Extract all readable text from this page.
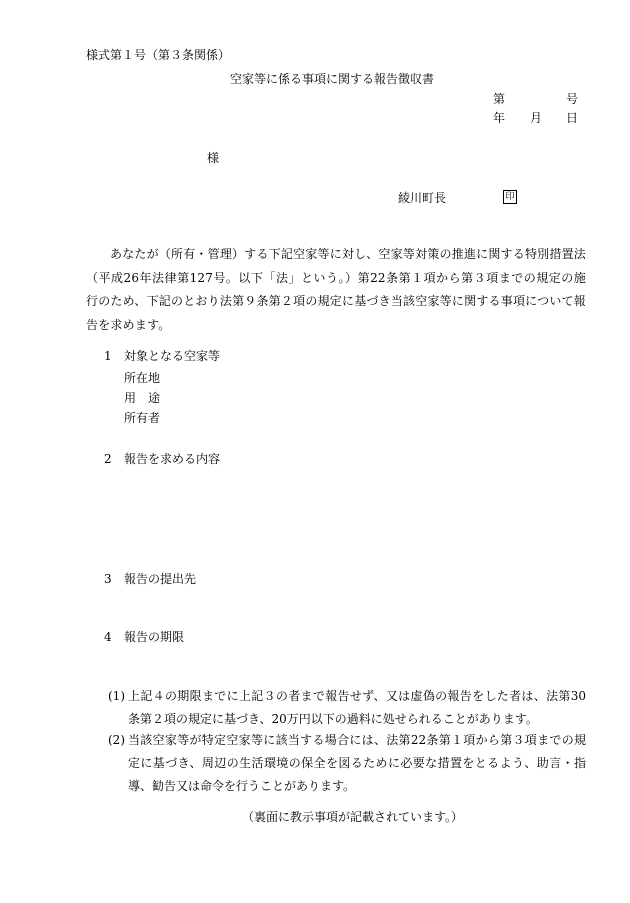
様式第１号（第３条関係）
空家等に係る事項に関する報告徴収書
第	号
年 月 日
様
綾川町長	印
あなたが（所有・管理）する下記空家等に対し、空家等対策の推進に関する特別措置法（平成26年法律第127号。以下「法」という。）第22条第１項から第３項までの規定の施行のため、下記のとおり法第９条第２項の規定に基づき当該空家等に関する事項について報告を求めます。
1 対象となる空家等
所在地
用　途
所有者
2 報告を求める内容
3 報告の提出先
4 報告の期限
(1) 上記４の期限までに上記３の者まで報告せず、又は虚偽の報告をした者は、法第30条第２項の規定に基づき、20万円以下の過料に処せられることがあります。
(2) 当該空家等が特定空家等に該当する場合には、法第22条第１項から第３項までの規定に基づき、周辺の生活環境の保全を図るために必要な措置をとるよう、助言・指導、勧告又は命令を行うことがあります。
（裏面に教示事項が記載されています。）
